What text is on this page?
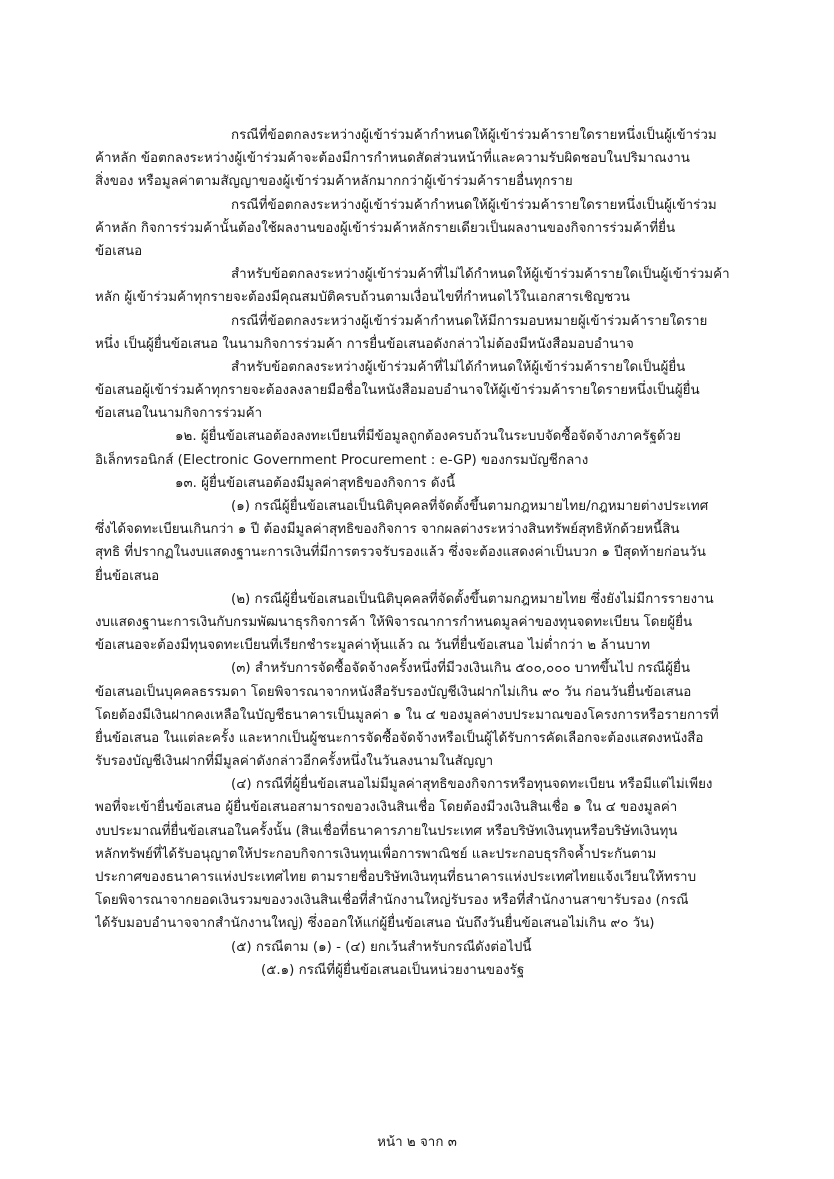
กรณีที่ข้อตกลงระหว่างผู้เข้าร่วมค้ากำหนดให้ผู้เข้าร่วมค้ารายใดรายหนึ่งเป็นผู้เข้าร่วม
ค้าหลัก ข้อตกลงระหว่างผู้เข้าร่วมค้าจะต้องมีการกำหนดสัดส่วนหน้าที่และความรับผิดชอบในปริมาณงาน
สิ่งของ หรือมูลค่าตามสัญญาของผู้เข้าร่วมค้าหลักมากกว่าผู้เข้าร่วมค้ารายอื่นทุกราย
กรณีที่ข้อตกลงระหว่างผู้เข้าร่วมค้ากำหนดให้ผู้เข้าร่วมค้ารายใดรายหนึ่งเป็นผู้เข้าร่วม
ค้าหลัก กิจการร่วมค้านั้นต้องใช้ผลงานของผู้เข้าร่วมค้าหลักรายเดียวเป็นผลงานของกิจการร่วมค้าที่ยื่น
ข้อเสนอ
สำหรับข้อตกลงระหว่างผู้เข้าร่วมค้าที่ไม่ได้กำหนดให้ผู้เข้าร่วมค้ารายใดเป็นผู้เข้าร่วมค้า
หลัก ผู้เข้าร่วมค้าทุกรายจะต้องมีคุณสมบัติครบถ้วนตามเงื่อนไขที่กำหนดไว้ในเอกสารเชิญชวน
กรณีที่ข้อตกลงระหว่างผู้เข้าร่วมค้ากำหนดให้มีการมอบหมายผู้เข้าร่วมค้ารายใดราย
หนึ่ง เป็นผู้ยื่นข้อเสนอ ในนามกิจการร่วมค้า การยื่นข้อเสนอดังกล่าวไม่ต้องมีหนังสือมอบอำนาจ
สำหรับข้อตกลงระหว่างผู้เข้าร่วมค้าที่ไม่ได้กำหนดให้ผู้เข้าร่วมค้ารายใดเป็นผู้ยื่น
ข้อเสนอผู้เข้าร่วมค้าทุกรายจะต้องลงลายมือชื่อในหนังสือมอบอำนาจให้ผู้เข้าร่วมค้ารายใดรายหนึ่งเป็นผู้ยื่น
ข้อเสนอในนามกิจการร่วมค้า
๑๒. ผู้ยื่นข้อเสนอต้องลงทะเบียนที่มีข้อมูลถูกต้องครบถ้วนในระบบจัดซื้อจัดจ้างภาครัฐด้วย
อิเล็กทรอนิกส์ (Electronic Government Procurement : e-GP) ของกรมบัญชีกลาง
๑๓. ผู้ยื่นข้อเสนอต้องมีมูลค่าสุทธิของกิจการ ดังนี้
(๑) กรณีผู้ยื่นข้อเสนอเป็นนิติบุคคลที่จัดตั้งขึ้นตามกฎหมายไทย/กฎหมายต่างประเทศ
ซึ่งได้จดทะเบียนเกินกว่า ๑ ปี ต้องมีมูลค่าสุทธิของกิจการ จากผลต่างระหว่างสินทรัพย์สุทธิหักด้วยหนี้สิน
สุทธิ ที่ปรากฏในงบแสดงฐานะการเงินที่มีการตรวจรับรองแล้ว ซึ่งจะต้องแสดงค่าเป็นบวก ๑ ปีสุดท้ายก่อนวัน
ยื่นข้อเสนอ
(๒) กรณีผู้ยื่นข้อเสนอเป็นนิติบุคคลที่จัดตั้งขึ้นตามกฎหมายไทย ซึ่งยังไม่มีการรายงาน
งบแสดงฐานะการเงินกับกรมพัฒนาธุรกิจการค้า ให้พิจารณาการกำหนดมูลค่าของทุนจดทะเบียน โดยผู้ยื่น
ข้อเสนอจะต้องมีทุนจดทะเบียนที่เรียกชำระมูลค่าหุ้นแล้ว ณ วันที่ยื่นข้อเสนอ ไม่ต่ำกว่า ๒ ล้านบาท
(๓) สำหรับการจัดซื้อจัดจ้างครั้งหนึ่งที่มีวงเงินเกิน ๕๐๐,๐๐๐ บาทขึ้นไป กรณีผู้ยื่น
ข้อเสนอเป็นบุคคลธรรมดา โดยพิจารณาจากหนังสือรับรองบัญชีเงินฝากไม่เกิน ๙๐ วัน ก่อนวันยื่นข้อเสนอ
โดยต้องมีเงินฝากคงเหลือในบัญชีธนาคารเป็นมูลค่า ๑ ใน ๔ ของมูลค่างบประมาณของโครงการหรือรายการที่
ยื่นข้อเสนอ ในแต่ละครั้ง และหากเป็นผู้ชนะการจัดซื้อจัดจ้างหรือเป็นผู้ได้รับการคัดเลือกจะต้องแสดงหนังสือ
รับรองบัญชีเงินฝากที่มีมูลค่าดังกล่าวอีกครั้งหนึ่งในวันลงนามในสัญญา
(๔) กรณีที่ผู้ยื่นข้อเสนอไม่มีมูลค่าสุทธิของกิจการหรือทุนจดทะเบียน หรือมีแต่ไม่เพียง
พอที่จะเข้ายื่นข้อเสนอ ผู้ยื่นข้อเสนอสามารถขอวงเงินสินเชื่อ โดยต้องมีวงเงินสินเชื่อ ๑ ใน ๔ ของมูลค่า
งบประมาณที่ยื่นข้อเสนอในครั้งนั้น (สินเชื่อที่ธนาคารภายในประเทศ หรือบริษัทเงินทุนหรือบริษัทเงินทุน
หลักทรัพย์ที่ได้รับอนุญาตให้ประกอบกิจการเงินทุนเพื่อการพาณิชย์ และประกอบธุรกิจค้ำประกันตาม
ประกาศของธนาคารแห่งประเทศไทย ตามรายชื่อบริษัทเงินทุนที่ธนาคารแห่งประเทศไทยแจ้งเวียนให้ทราบ
โดยพิจารณาจากยอดเงินรวมของวงเงินสินเชื่อที่สำนักงานใหญ่รับรอง หรือที่สำนักงานสาขารับรอง (กรณี
ได้รับมอบอำนาจจากสำนักงานใหญ่) ซึ่งออกให้แก่ผู้ยื่นข้อเสนอ นับถึงวันยื่นข้อเสนอไม่เกิน ๙๐ วัน)
(๕) กรณีตาม (๑) - (๔) ยกเว้นสำหรับกรณีดังต่อไปนี้
(๕.๑) กรณีที่ผู้ยื่นข้อเสนอเป็นหน่วยงานของรัฐ
หน้า ๒ จาก ๓
